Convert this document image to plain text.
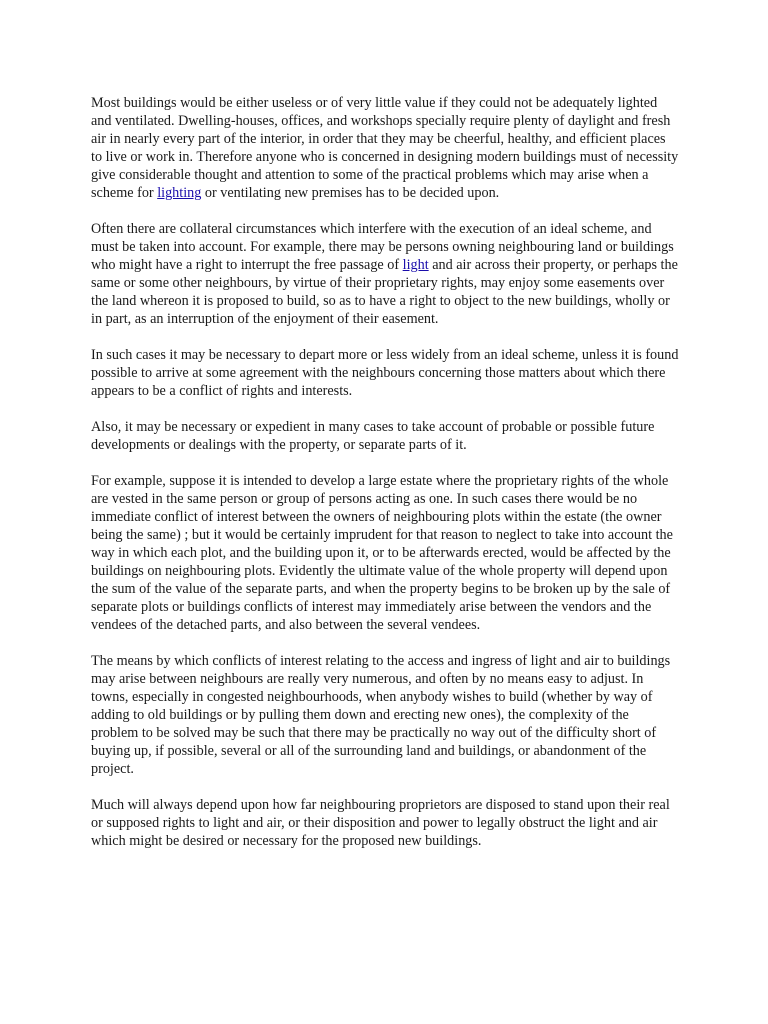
Most buildings would be either useless or of very little value if they could not be adequately lighted and ventilated. Dwelling-houses, offices, and workshops specially require plenty of daylight and fresh air in nearly every part of the interior, in order that they may be cheerful, healthy, and efficient places to live or work in. Therefore anyone who is concerned in designing modern buildings must of necessity give considerable thought and attention to some of the practical problems which may arise when a scheme for lighting or ventilating new premises has to be decided upon.

Often there are collateral circumstances which interfere with the execution of an ideal scheme, and must be taken into account. For example, there may be persons owning neighbouring land or buildings who might have a right to interrupt the free passage of light and air across their property, or perhaps the same or some other neighbours, by virtue of their proprietary rights, may enjoy some easements over the land whereon it is proposed to build, so as to have a right to object to the new buildings, wholly or in part, as an interruption of the enjoyment of their easement.

In such cases it may be necessary to depart more or less widely from an ideal scheme, unless it is found possible to arrive at some agreement with the neighbours concerning those matters about which there appears to be a conflict of rights and interests.

Also, it may be necessary or expedient in many cases to take account of probable or possible future developments or dealings with the property, or separate parts of it.

For example, suppose it is intended to develop a large estate where the proprietary rights of the whole are vested in the same person or group of persons acting as one. In such cases there would be no immediate conflict of interest between the owners of neighbouring plots within the estate (the owner being the same) ; but it would be certainly imprudent for that reason to neglect to take into account the way in which each plot, and the building upon it, or to be afterwards erected, would be affected by the buildings on neighbouring plots. Evidently the ultimate value of the whole property will depend upon the sum of the value of the separate parts, and when the property begins to be broken up by the sale of separate plots or buildings conflicts of interest may immediately arise between the vendors and the vendees of the detached parts, and also between the several vendees.

The means by which conflicts of interest relating to the access and ingress of light and air to buildings may arise between neighbours are really very numerous, and often by no means easy to adjust. In towns, especially in congested neighbourhoods, when anybody wishes to build (whether by way of adding to old buildings or by pulling them down and erecting new ones), the complexity of the problem to be solved may be such that there may be practically no way out of the difficulty short of buying up, if possible, several or all of the surrounding land and buildings, or abandonment of the project.

Much will always depend upon how far neighbouring proprietors are disposed to stand upon their real or supposed rights to light and air, or their disposition and power to legally obstruct the light and air which might be desired or necessary for the proposed new buildings.
